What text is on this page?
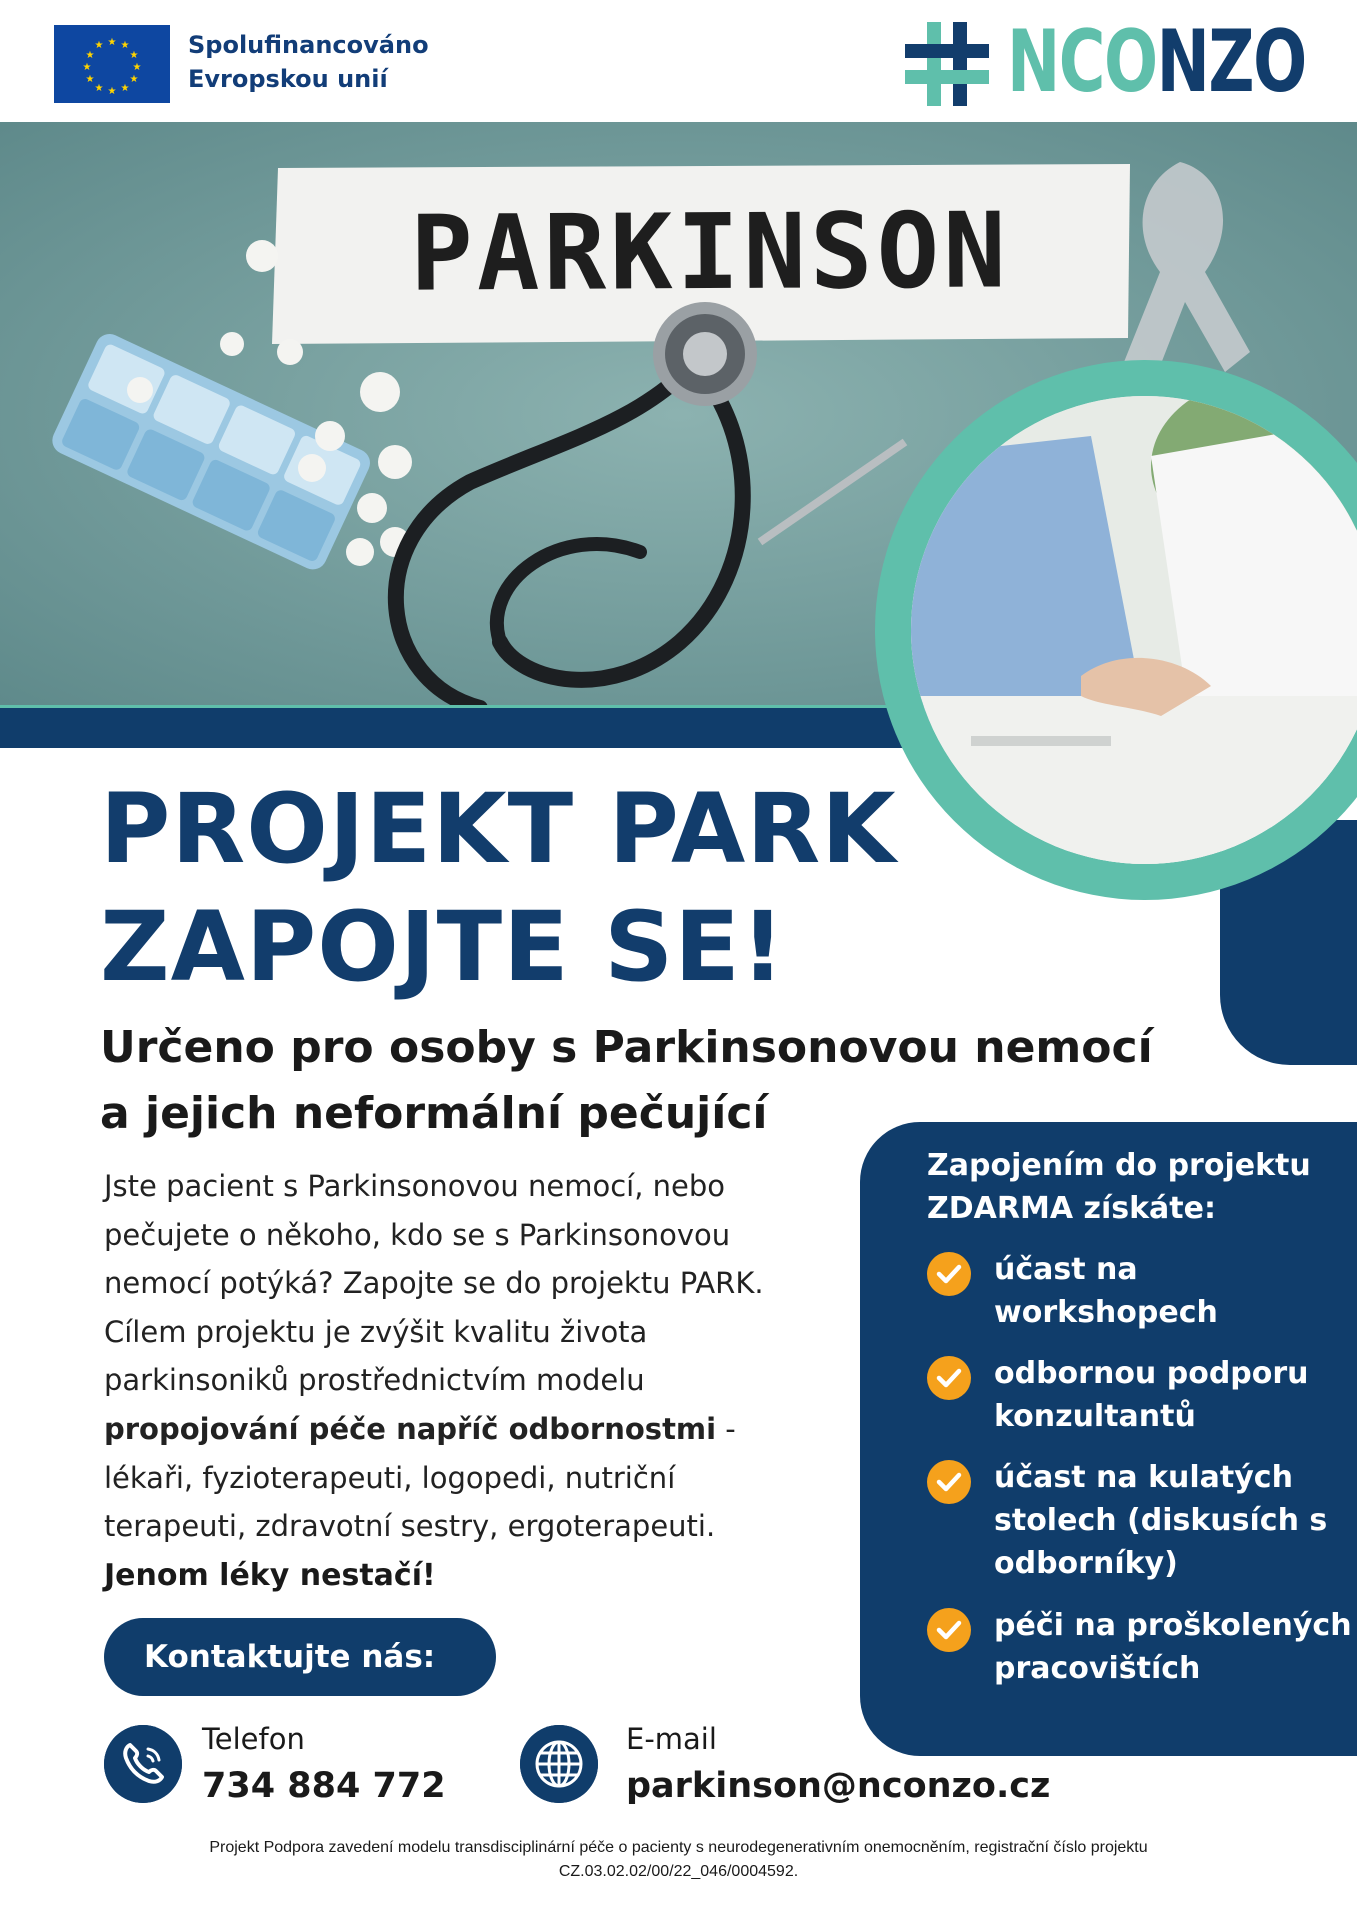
★ ★
★
★
★
★
★
★
★
★
★
★	Spolufinancováno
Evropskou unií	NCONZO
PARKINSON
PROJEKT PARK
ZAPOJTE SE!
Určeno pro osoby s Parkinsonovou nemocí
a jejich neformální pečující
Jste pacient s Parkinsonovou nemocí, nebo pečujete o někoho, kdo se s Parkinsonovou nemocí potýká? Zapojte se do projektu PARK. Cílem projektu je zvýšit kvalitu života parkinsoniků prostřednictvím modelu propojování péče napříč odbornostmi - lékaři, fyzioterapeuti, logopedi, nutriční terapeuti, zdravotní sestry, ergoterapeuti.
Jenom léky nestačí!
Kontaktujte nás:
Telefon
734 884 772
E-mail
parkinson@nconzo.cz
Zapojením do projektu ZDARMA získáte:
účast na workshopech
odbornou podporu konzultantů
účast na kulatých stolech (diskusích s odborníky)
péči na proškolených pracovištích
Projekt Podpora zavedení modelu transdisciplinární péče o pacienty s neurodegenerativním onemocněním, registrační číslo projektu
CZ.03.02.02/00/22_046/0004592.
